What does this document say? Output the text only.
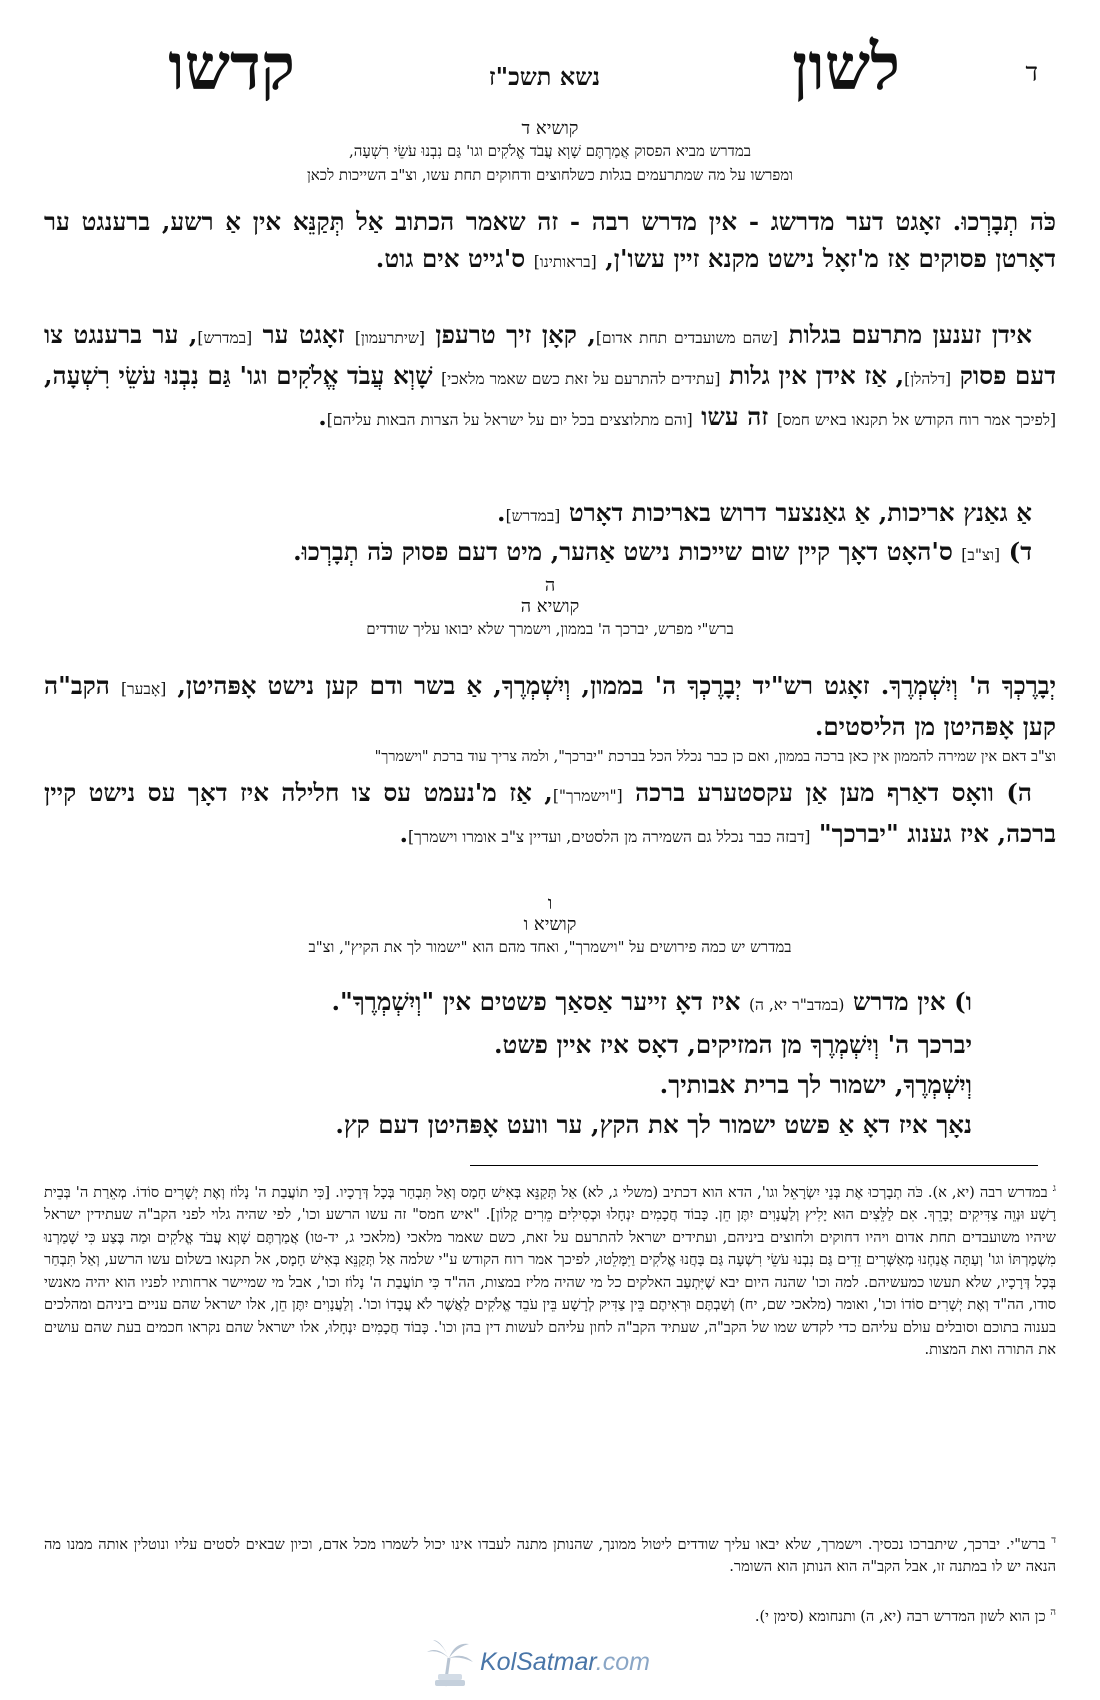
ד
לשון
נשא תשכ"ז
קדשו
קושיא ד
במדרש מביא הפסוק אֲמַרְתֶּם שָׁוְא עֲבֹד אֱלֹקִים וגו' גַּם נִבְנוּ עֹשֵׂי רִשְׁעָה,
ומפרשו על מה שמתרעמים בגלות כשלחוצים ודחוקים תחת עשו, וצ"ב השייכות לכאן
כֹּה תְבָרְכוּ. זאָגט דער מדרשג - אין מדרש רבה - זה שאמר הכתוב אַל תְּקַנֵּא אין אַ רשע, ברענגט ער דאָרטן פסוקים אַז מ'זאָל נישט מקנא זיין עשו'ן, [בראותינו] ס'גייט אים גוט.
אידן זענען מתרעם בגלות [שהם משועבדים תחת אדום], קאָן זיך טרעפן [שיתרעמון] זאָגט ער [במדרש], ער ברענגט צו דעם פסוק [דלהלן], אַז אידן אין גלות [עתידים להתרעם על זאת כשם שאמר מלאכי] שָׁוְא עֲבֹד אֱלֹקִים וגו' גַּם נִבְנוּ עֹשֵׂי רִשְׁעָה, [לפיכך אמר רוח הקודש אל תקנאו באיש חמס] זה עשו [והם מתלוצצים בכל יום על ישראל על הצרות הבאות עליהם].
אַ גאַנץ אריכות, אַ גאַנצער דרוש באריכות דאָרט [במדרש].
ד) [וצ"ב] ס'האָט דאָך קיין שום שייכות נישט אַהער, מיט דעם פסוק כֹּה תְבָרְכוּ.
ה
קושיא ה
ברש"י מפרש, יברכך ה' בממון, וישמרך שלא יבואו עליך שודדים
יְבָרֶכְךָ ה' וְיִשְׁמְרֶךָ. זאָגט רש"יד יְבָרֶכְךָ ה' בממון, וְיִשְׁמְרֶךָ, אַ בשר ודם קען נישט אָפּהיטן, [אָבער] הקב"ה קען אָפּהיטן מן הליסטים.
וצ"ב דאם אין שמירה להממון אין כאן ברכה בממון, ואם כן כבר נכלל הכל בברכת "יברכך", ולמה צריך עוד ברכת "וישמרך"
ה) וואָס דאַרף מען אַן עקסטערע ברכה ["וישמרך"], אַז מ'נעמט עס צו חלילה איז דאָך עס נישט קיין ברכה, איז גענוג "יברכך" [דבזה כבר נכלל גם השמירה מן הלסטים, ועדיין צ"ב אומרו וישמרך].
ו
קושיא ו
במדרש יש כמה פירושים על "וישמרך", ואחד מהם הוא "ישמור לך את הקיץ", וצ"ב
ו) אין מדרש (במדב"ר יא, ה) איז דאָ זייער אַסאַך פשטים אין "וְיִשְׁמְרֶךָ".
יברכך ה' וְיִשְׁמְרֶךָ מן המזיקים, דאָס איז איין פשט.
וְיִשְׁמְרֶךָ, ישמור לך ברית אבותיך.
נאָך איז דאָ אַ פשט ישמור לך את הקץ, ער וועט אָפּהיטן דעם קץ.
$^ג$ במדרש רבה (יא, א). כֹּה תְבָרְכוּ אֶת בְּנֵי יִשְׂרָאֵל וגו', הדא הוא דכתיב (משלי ג, לא) אַל תְּקַנֵּא בְּאִישׁ חָמָס וְאַל תִּבְחַר בְּכָל דְּרָכָיו. [כִּי תוֹעֲבַת ה' נָלוֹז וְאֶת יְשָׁרִים סוֹדוֹ. מְאֵרַת ה' בְּבֵית רָשָׁע וּנְוֵה צַדִּיקִים יְבָרֵךְ. אִם לַלֵּצִים הוּא יָלִיץ וְלַעֲנָוִים יִתֶּן חֵן. כָּבוֹד חֲכָמִים יִנְחָלוּ וּכְסִילִים מֵרִים קָלוֹן]. "איש חמס" זה עשו הרשע וכו', לפי שהיה גלוי לפני הקב"ה שעתידין ישראל שיהיו משועבדים תחת אדום ויהיו דחוקים ולחוצים ביניהם, ועתידים ישראל להתרעם על זאת, כשם שאמר מלאכי (מלאכי ג, יד-טו) אֲמַרְתֶּם שָׁוְא עֲבֹד אֱלֹקִים וּמַה בֶּצַע כִּי שָׁמַרְנוּ מִשְׁמַרְתּוֹ וגו' וְעַתָּה אֲנַחְנוּ מְאַשְּׁרִים זֵדִים גַּם נִבְנוּ עֹשֵׂי רִשְׁעָה גַּם בָּחֲנוּ אֱלֹקִים וַיִּמָּלֵטוּ, לפיכך אמר רוח הקודש ע"י שלמה אַל תְּקַנֵּא בְּאִישׁ חָמָס, אל תקנאו בשלום עשו הרשע, וְאַל תִּבְחַר בְּכָל דְּרָכָיו, שלא תעשו כמעשיהם. למה וכו' שהנה היום יבא שֶׁיִּתְעַב האלקים כל מי שהיה מליז במצות, הה"ד כִּי תוֹעֲבַת ה' נָלוֹז וכו', אבל מי שמיישר ארחותיו לפניו הוא יהיה מאנשי סודו, הה"ד וְאֶת יְשָׁרִים סוֹדוֹ וכו', ואומר (מלאכי שם, יח) וְשַׁבְתֶּם וּרְאִיתֶם בֵּין צַדִּיק לְרָשָׁע בֵּין עֹבֵד אֱלֹקִים לַאֲשֶׁר לֹא עֲבָדוֹ וכו'. וְלַעֲנָוִים יִתֶּן חֵן, אלו ישראל שהם עניים ביניהם ומהלכים בענוה בתוכם וסובלים עולם עליהם כדי לקדש שמו של הקב"ה, שעתיד הקב"ה לחון עליהם לעשות דין בהן וכו'. כָּבוֹד חֲכָמִים יִנְחָלוּ, אלו ישראל שהם נקראו חכמים בעת שהם עושים את התורה ואת המצות.
$^ד$ ברש"י. יברכך, שיתברכו נכסיך. וישמרך, שלא יבאו עליך שודדים ליטול ממונך, שהנותן מתנה לעבדו אינו יכול לשמרו מכל אדם, וכיון שבאים לסטים עליו ונוטלין אותה ממנו מה הנאה יש לו במתנה זו, אבל הקב"ה הוא הנותן הוא השומר.
$^ה$ כן הוא לשון המדרש רבה (יא, ה) ותנחומא (סימן י).
KolSatmar.com
